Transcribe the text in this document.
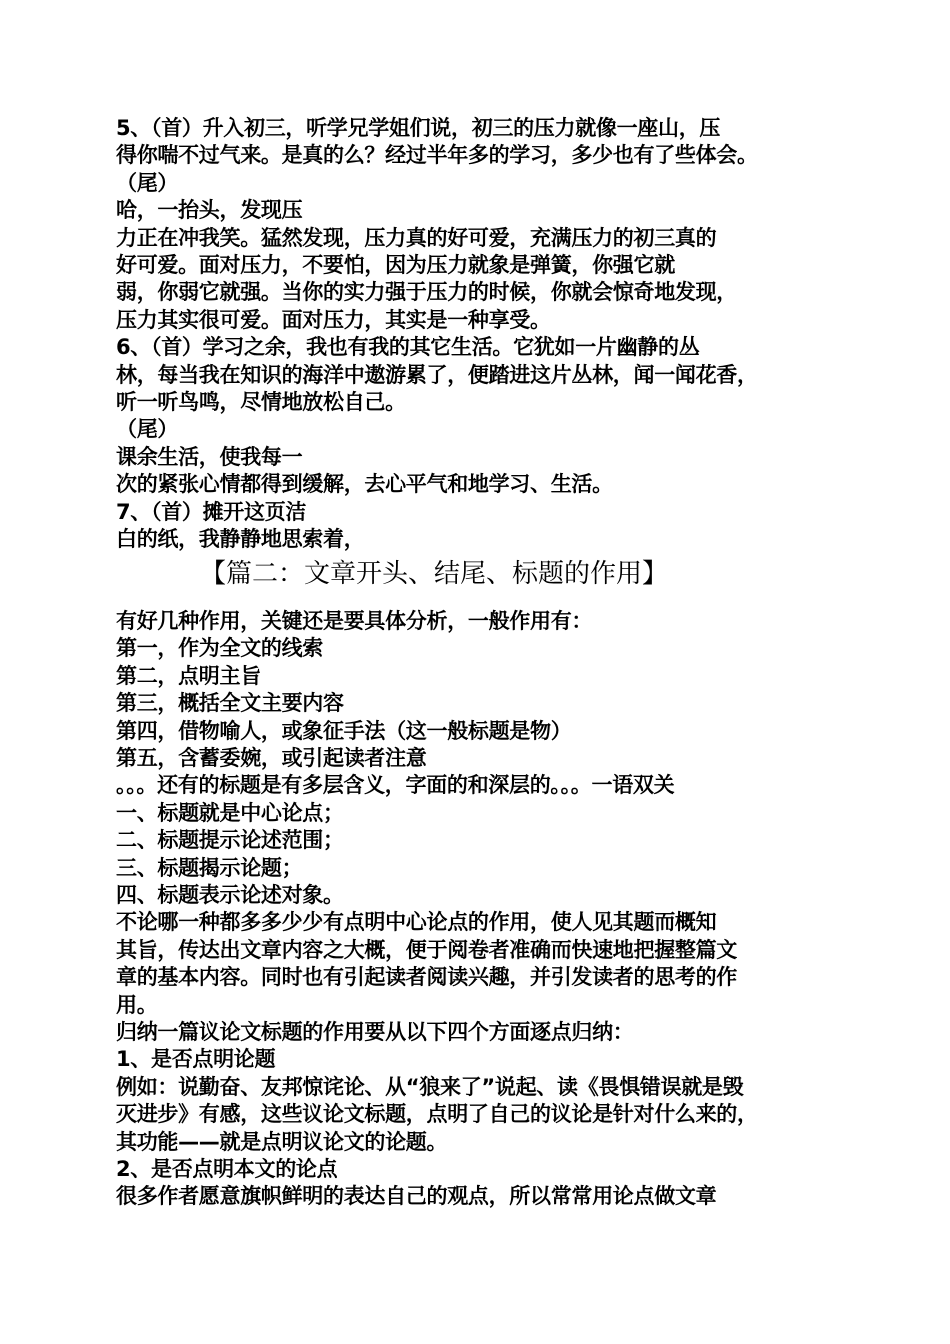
5、（首）升入初三，听学兄学姐们说，初三的压力就像一座山，压
得你喘不过气来。是真的么？经过半年多的学习，多少也有了些体会。
（尾）
哈，一抬头，发现压
力正在冲我笑。猛然发现，压力真的好可爱，充满压力的初三真的
好可爱。面对压力，不要怕，因为压力就象是弹簧，你强它就
弱，你弱它就强。当你的实力强于压力的时候，你就会惊奇地发现，
压力其实很可爱。面对压力，其实是一种享受。
6、（首）学习之余，我也有我的其它生活。它犹如一片幽静的丛
林，每当我在知识的海洋中遨游累了，便踏进这片丛林，闻一闻花香，
听一听鸟鸣，尽情地放松自己。
（尾）
课余生活，使我每一
次的紧张心情都得到缓解，去心平气和地学习、生活。
7、（首）摊开这页洁
白的纸，我静静地思索着，
【篇二：文章开头、结尾、标题的作用】
有好几种作用，关键还是要具体分析，一般作用有：
第一，作为全文的线索
第二，点明主旨
第三，概括全文主要内容
第四，借物喻人，或象征手法（这一般标题是物）
第五，含蓄委婉，或引起读者注意
。。。还有的标题是有多层含义，字面的和深层的。。。一语双关
一、标题就是中心论点；
二、标题提示论述范围；
三、标题揭示论题；
四、标题表示论述对象。
不论哪一种都多多少少有点明中心论点的作用，使人见其题而概知
其旨，传达出文章内容之大概，便于阅卷者准确而快速地把握整篇文
章的基本内容。同时也有引起读者阅读兴趣，并引发读者的思考的作
用。
归纳一篇议论文标题的作用要从以下四个方面逐点归纳：
1、是否点明论题
例如：说勤奋、友邦惊诧论、从“狼来了”说起、读《畏惧错误就是毁
灭进步》有感，这些议论文标题，点明了自己的议论是针对什么来的，
其功能——就是点明议论文的论题。
2、是否点明本文的论点
很多作者愿意旗帜鲜明的表达自己的观点，所以常常用论点做文章
